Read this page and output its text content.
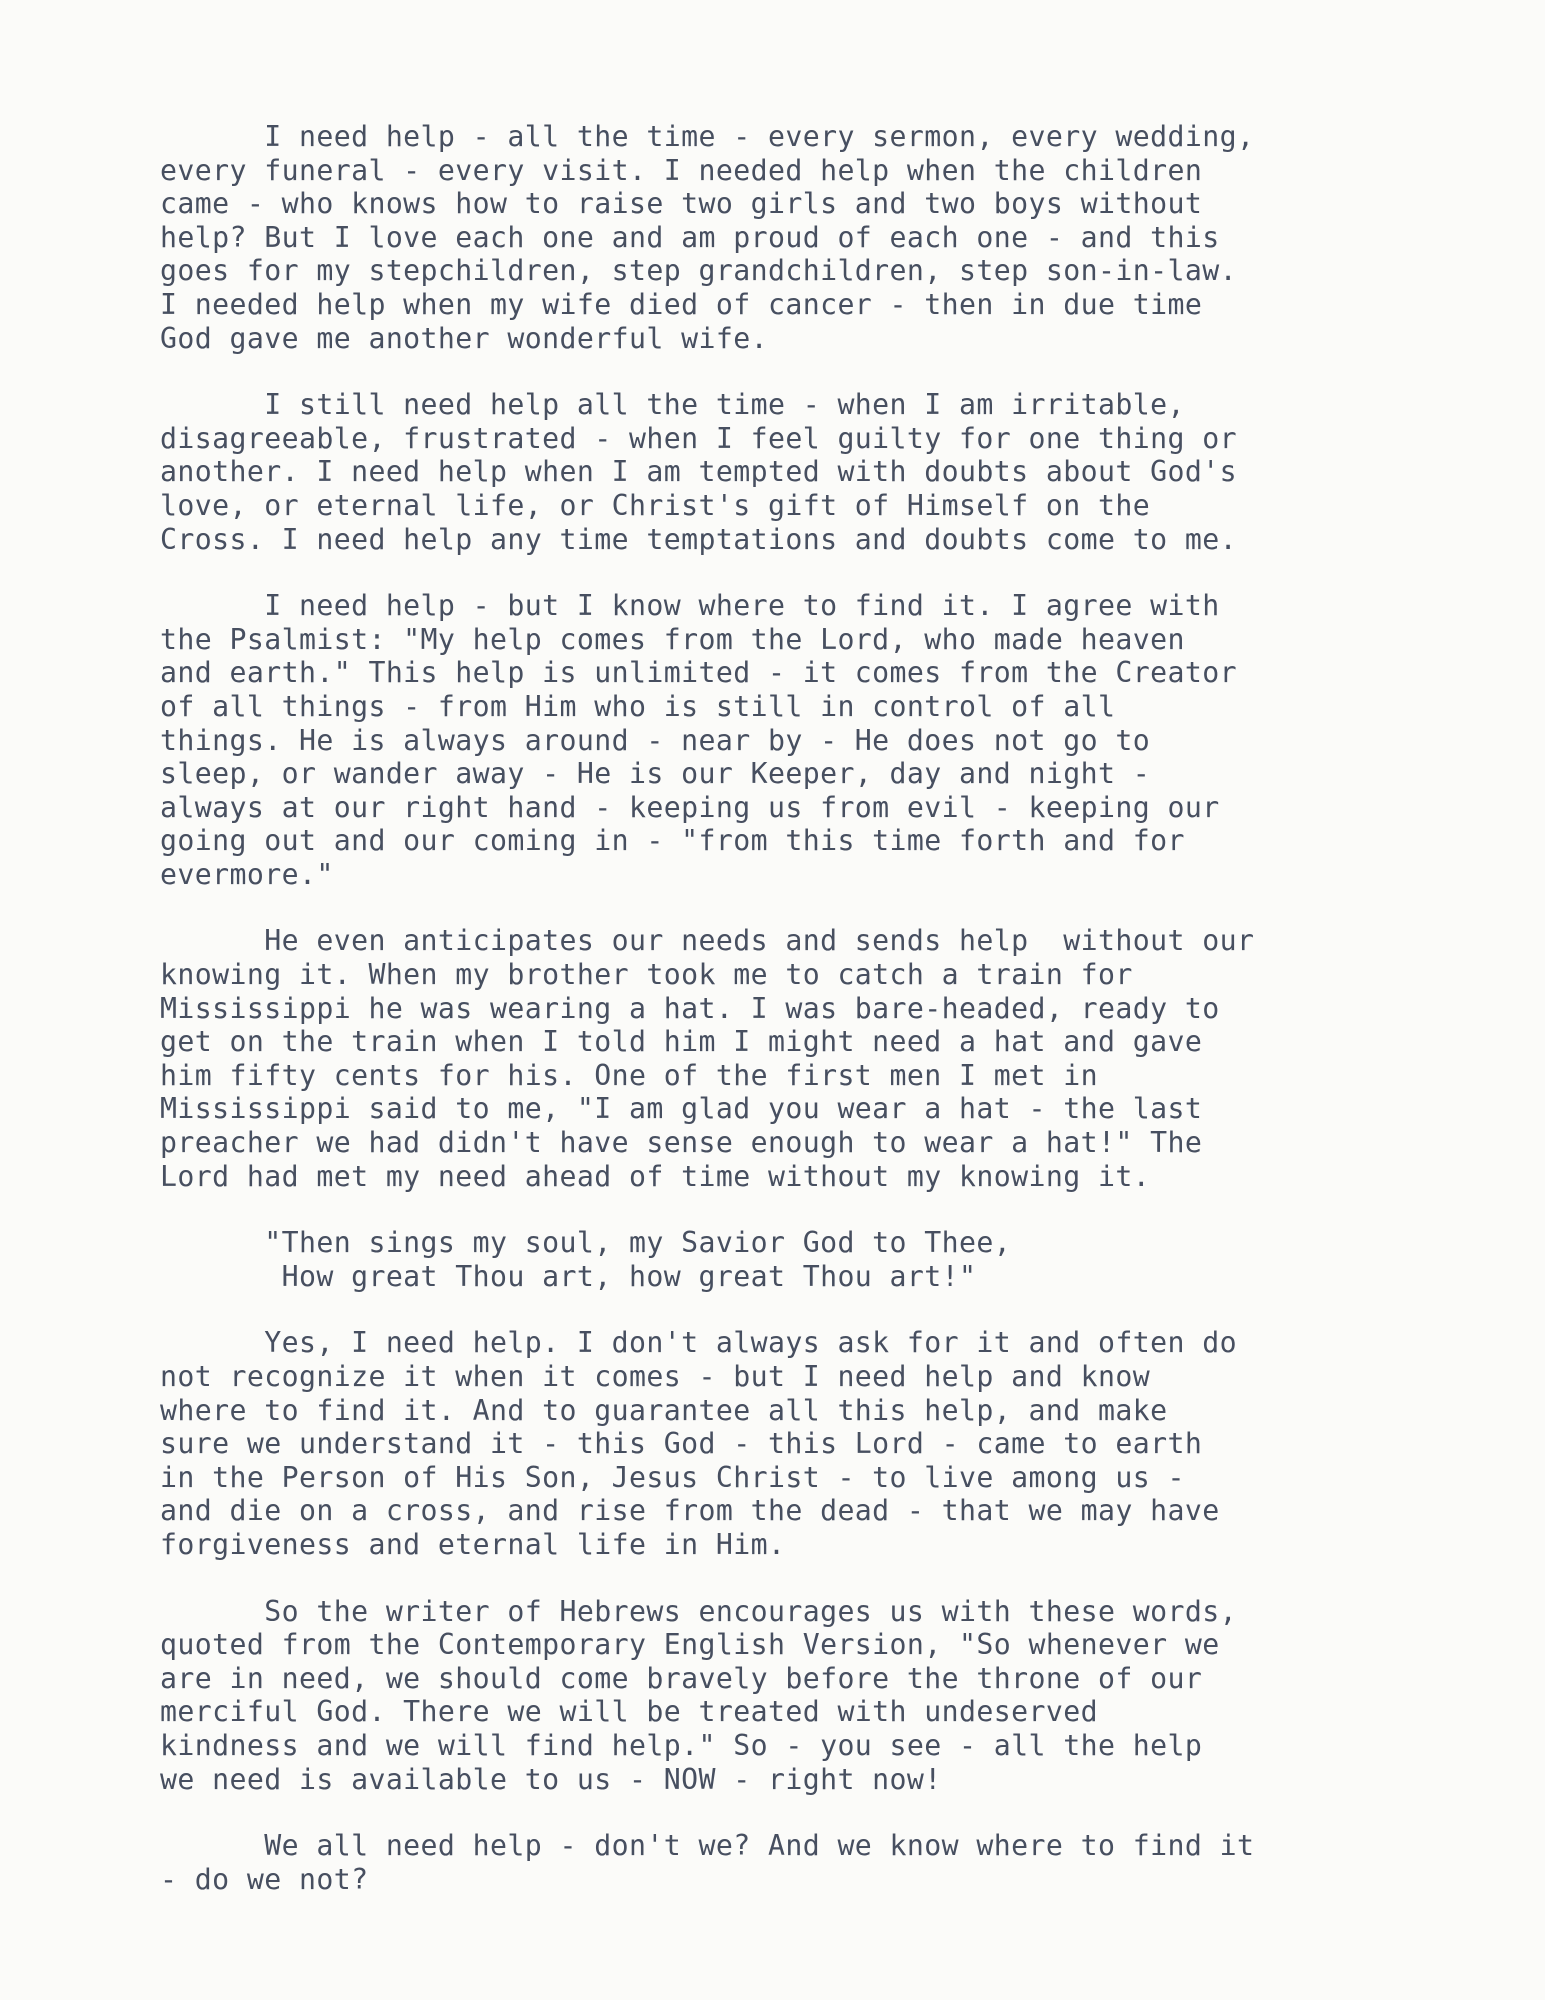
I need help - all the time - every sermon, every wedding,
every funeral - every visit. I needed help when the children
came - who knows how to raise two girls and two boys without
help? But I love each one and am proud of each one - and this
goes for my stepchildren, step grandchildren, step son-in-law.
I needed help when my wife died of cancer - then in due time
God gave me another wonderful wife.

I still need help all the time - when I am irritable,
disagreeable, frustrated - when I feel guilty for one thing or
another. I need help when I am tempted with doubts about God's
love, or eternal life, or Christ's gift of Himself on the
Cross. I need help any time temptations and doubts come to me.

I need help - but I know where to find it. I agree with
the Psalmist: "My help comes from the Lord, who made heaven
and earth." This help is unlimited - it comes from the Creator
of all things - from Him who is still in control of all
things. He is always around - near by - He does not go to
sleep, or wander away - He is our Keeper, day and night -
always at our right hand - keeping us from evil - keeping our
going out and our coming in - "from this time forth and for
evermore."

He even anticipates our needs and sends help  without our
knowing it. When my brother took me to catch a train for
Mississippi he was wearing a hat. I was bare-headed, ready to
get on the train when I told him I might need a hat and gave
him fifty cents for his. One of the first men I met in
Mississippi said to me, "I am glad you wear a hat - the last
preacher we had didn't have sense enough to wear a hat!" The
Lord had met my need ahead of time without my knowing it.

"Then sings my soul, my Savior God to Thee,
How great Thou art, how great Thou art!"

Yes, I need help. I don't always ask for it and often do
not recognize it when it comes - but I need help and know
where to find it. And to guarantee all this help, and make
sure we understand it - this God - this Lord - came to earth
in the Person of His Son, Jesus Christ - to live among us -
and die on a cross, and rise from the dead - that we may have
forgiveness and eternal life in Him.

So the writer of Hebrews encourages us with these words,
quoted from the Contemporary English Version, "So whenever we
are in need, we should come bravely before the throne of our
merciful God. There we will be treated with undeserved
kindness and we will find help." So - you see - all the help
we need is available to us - NOW - right now!

We all need help - don't we? And we know where to find it
- do we not?
